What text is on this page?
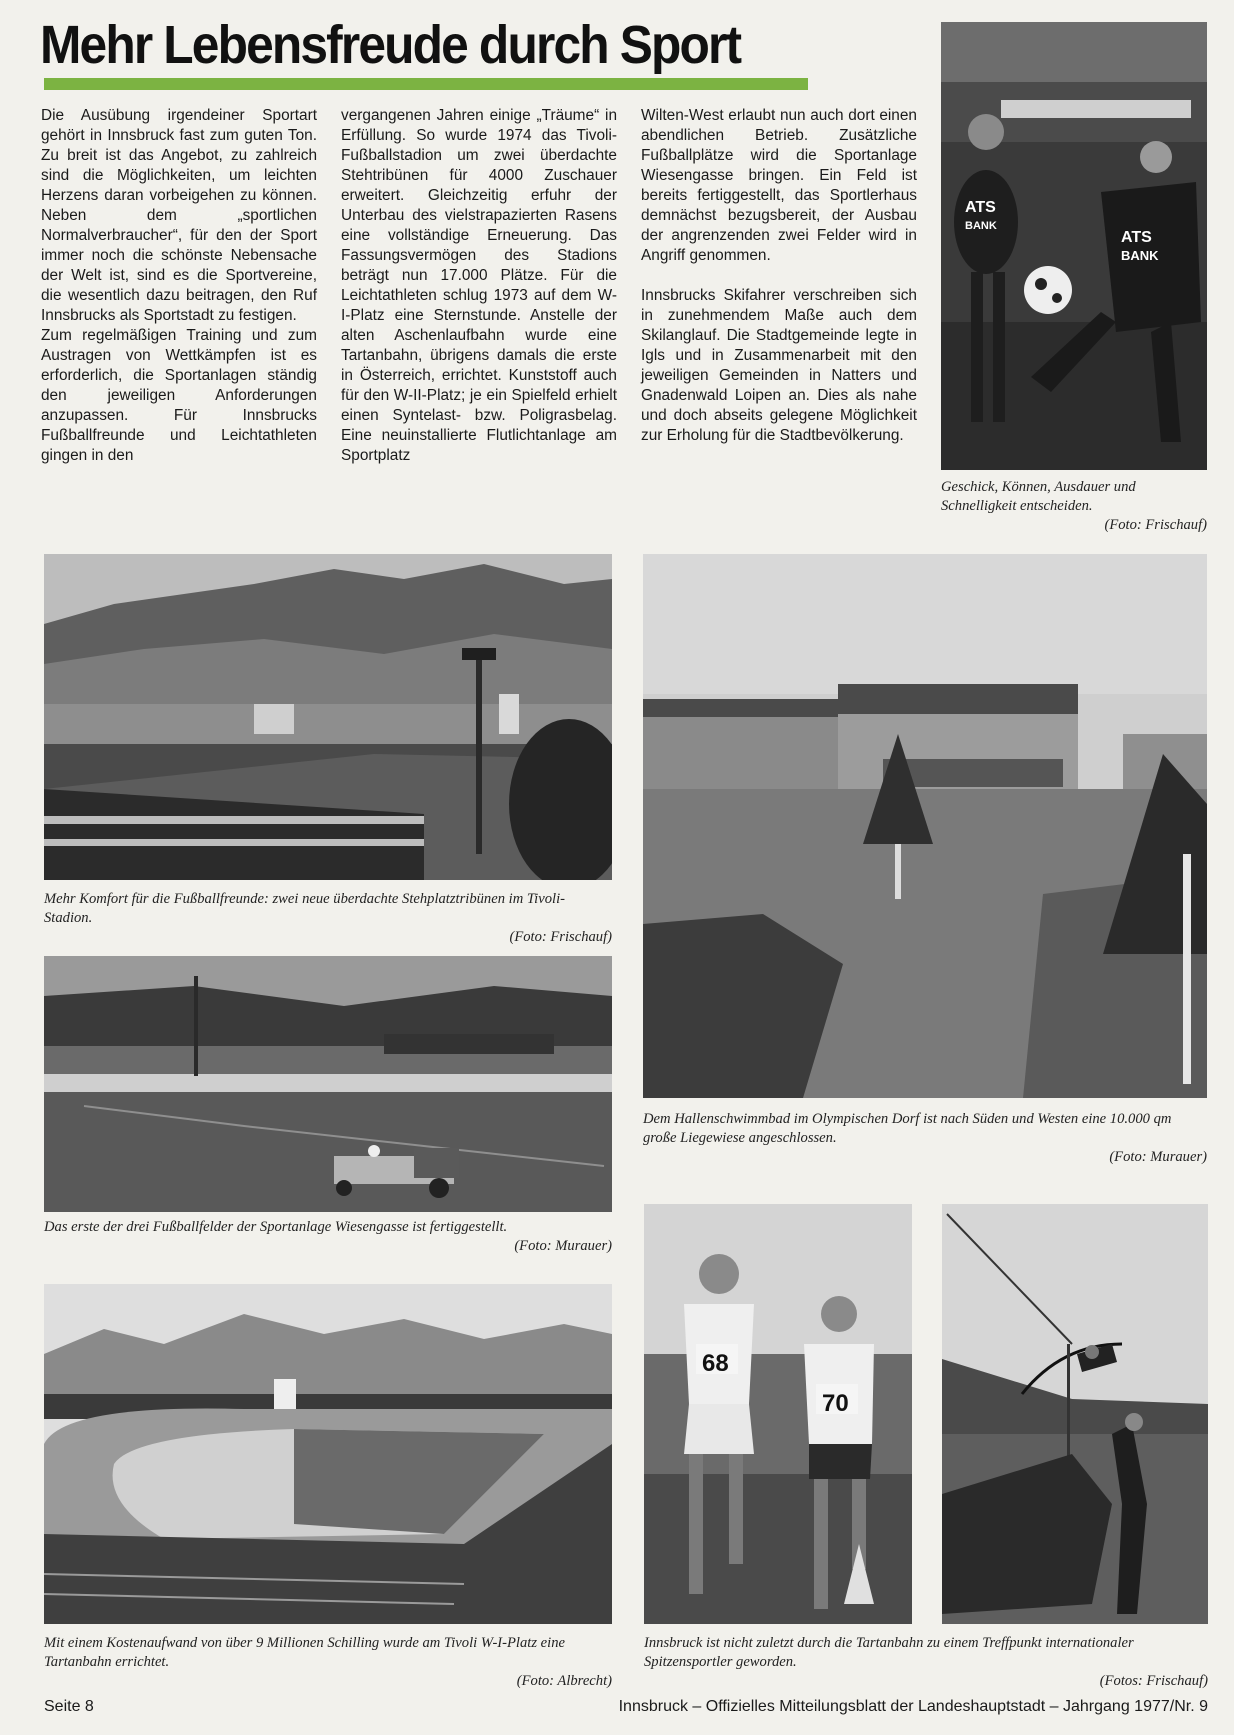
Mehr Lebensfreude durch Sport

Die Ausübung irgendeiner Sportart gehört in Innsbruck fast zum guten Ton. Zu breit ist das Angebot, zu zahlreich sind die Möglichkeiten, um leichten Herzens daran vorbeigehen zu können. Neben dem „sportlichen Normalverbraucher“, für den der Sport immer noch die schönste Nebensache der Welt ist, sind es die Sportvereine, die wesentlich dazu beitragen, den Ruf Innsbrucks als Sportstadt zu festigen.
Zum regelmäßigen Training und zum Austragen von Wettkämpfen ist es erforderlich, die Sportanlagen ständig den jeweiligen Anforderungen anzupassen. Für Innsbrucks Fußballfreunde und Leichtathleten gingen in den

vergangenen Jahren einige „Träume“ in Erfüllung. So wurde 1974 das Tivoli-Fußballstadion um zwei überdachte Stehtribünen für 4000 Zuschauer erweitert. Gleichzeitig erfuhr der Unterbau des vielstrapazierten Rasens eine vollständige Erneuerung. Das Fassungsvermögen des Stadions beträgt nun 17.000 Plätze. Für die Leichtathleten schlug 1973 auf dem W-I-Platz eine Sternstunde. Anstelle der alten Aschenlaufbahn wurde eine Tartanbahn, übrigens damals die erste in Österreich, errichtet. Kunststoff auch für den W-II-Platz; je ein Spielfeld erhielt einen Syntelast- bzw. Poligrasbelag. Eine neuinstallierte Flutlichtanlage am Sportplatz

Wilten-West erlaubt nun auch dort einen abendlichen Betrieb. Zusätzliche Fußballplätze wird die Sportanlage Wiesengasse bringen. Ein Feld ist bereits fertiggestellt, das Sportlerhaus demnächst bezugsbereit, der Ausbau der angrenzenden zwei Felder wird in Angriff genommen.

Innsbrucks Skifahrer verschreiben sich in zunehmendem Maße auch dem Skilanglauf. Die Stadtgemeinde legte in Igls und in Zusammenarbeit mit den jeweiligen Gemeinden in Natters und Gnadenwald Loipen an. Dies als nahe und doch abseits gelegene Möglichkeit zur Erholung für die Stadtbevölkerung.

ATS
BANK
ATS
BANK

Geschick, Können, Ausdauer und Schnelligkeit entscheiden.
(Foto: Frischauf)

Mehr Komfort für die Fußballfreunde: zwei neue überdachte Stehplatztribünen im Tivoli-Stadion.
(Foto: Frischauf)

Dem Hallenschwimmbad im Olympischen Dorf ist nach Süden und Westen eine 10.000 qm große Liegewiese angeschlossen.
(Foto: Murauer)

Das erste der drei Fußballfelder der Sportanlage Wiesengasse ist fertiggestellt.
(Foto: Murauer)

Mit einem Kostenaufwand von über 9 Millionen Schilling wurde am Tivoli W-I-Platz eine Tartanbahn errichtet.
(Foto: Albrecht)

68
70

Innsbruck ist nicht zuletzt durch die Tartanbahn zu einem Treffpunkt internationaler Spitzensportler geworden.
(Fotos: Frischauf)

Seite 8	Innsbruck – Offizielles Mitteilungsblatt der Landeshauptstadt – Jahrgang 1977/Nr. 9
